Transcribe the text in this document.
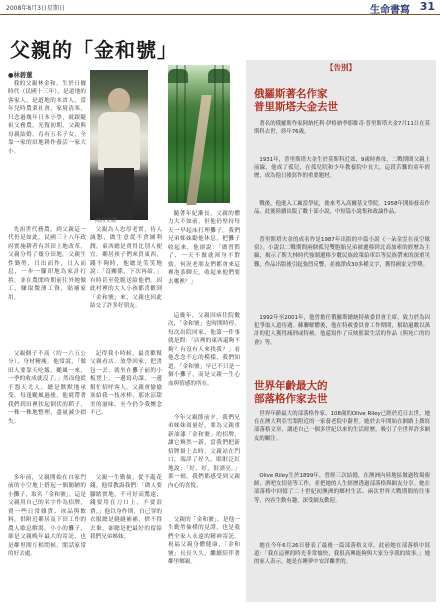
2008年8月3日星期日	生命書寫 31
父親的「金和號」
●林碧蓮
我的父親

我的父親林金和，生於日據時代（民國十三年），是道地的客家人，是道地的本省人，當年兒時農業社會，家境清寒，只念過幾年日本小學，就跟隨祖父務農。光復初期，父親與母親結婚，育有五名子女，全靠一家的田地耕作養活一家大小。

先祖世代務農，到父親這一代仍是如此，民國三十八年政府實施耕者有其田土地改革，父親分得了幾分田地。父親生性勤勞，日出而作，日入而息，一步一腳印地為家計打拚，並在農閒時期前往外地做工，賺取微薄工資，貼補家用。

父親個子不高（約一六五公分），身材精瘦。他常說，「做田人要靠天吃飯，颱風一來，一季的收成就沒了。」然而他從不怨天尤人，總是默默地承受。每逢颱風過後，他就帶著我們到田裡扶起倒伏的稻子，一株一株地整理，盡量減少損失。

多年前，父親開始在自家門前的小空地上搭起一個簡陋的小攤子，取名「金和號」。這是父親用自己的名字作為招牌，賣一些日常雜貨、冰品與飲料，供附近鄰居及下田工作的農人歇息解渴。小小的攤子，卻是父親晚年最大的寄託，也是鄰里間互相問候、閒話家常的好去處。

父親為人忠厚老實，待人誠懇，做生意從不貪圖利潤，東西總是賣得比別人便宜。鄰居孩子們來買東西，錢不夠時，他總是笑笑地說：「沒關係，下次再給。」有時甚至乾脆送給他們。因此村裡的大人小孩都喜歡到「金和號」來，父親也因此結交了許多好朋友。

記得我小時候，最喜歡幫父親看店。放學回家，把書包一丟，就坐在攤子前的小板凳上，一邊寫功課，一邊幫忙招呼客人。父親會偷偷塞給我一枝冰棒，那冰涼甜美的滋味，至今仍令我懷念不已。

父親一生勤儉，從不亂花錢。他常教誨我們：「做人要腳踏實地，不可好高騖遠；錢要用在刀口上，不要浪費。」他以身作則，自己穿的衣服總是縫縫補補，捨不得丟棄，卻總是把最好的留給我們兄弟姊妹。

隨著年紀漸長，父親的體力大不如前，但他仍堅持每天一早起床打理攤子。我們兄弟姊妹勸他休息，把攤子收起來，他卻說：「做習慣了，一天不做就渾身不對勁。何況老朋友們都會來這裡泡茶聊天，收起來他們要去哪裡？」

這幾年，父親因病住院數次，「金和號」也時開時停。每次出院回家，他第一件事就是問：「店裡的東西還夠不夠？有沒有人來找我？」看他念念不忘的模樣，我們知道，「金和號」早已不只是一個小攤子，而是父親一生心血與情感的所在。

今年父親節前夕，我們兄弟姊妹商量好，要為父親重新油漆「金和號」的招牌，讓它煥然一新。當我們把新招牌掛上去時，父親站在門口，端詳了好久，眼眶泛紅地說：「好，好，很漂亮。」那一刻，我們都感受到父親內心的喜悅。

父親的「金和號」，是他一生勤勞儉樸的見證，也是我們全家人永遠的精神寄託。祝福父親身體健康，「金和號」長長久久，繼續陪伴著鄰里鄉親。

【告別】
俄羅斯著名作家
普里斯塔夫金去世

著名的俄羅斯作家阿納托利·伊格納季耶維奇·普里斯塔夫金7月11日在莫斯科去世，終年76歲。

1931年，普里斯塔夫金生於莫斯科近郊，9歲時喪母，二戰期間父親上前線，他成了孤兒，在孤兒院和少年教養院中長大。這段苦難的童年經歷，成為他日後寫作的重要題材。

戰後，他進入工廠當學徒，後來考入高爾基文學院。1958年開始發表作品，此後陸續出版了數十部小說、中短篇小說集和政論作品。

普里斯塔夫金的成名作是1987年出版的中篇小說《一朵金雲在夜空歇宿》。小說以二戰期間兩個孤兒雙胞胎兄弟被遷移到北高加索的經歷為主線，揭示了斯大林時代強制遷移少數民族政策給車臣等民族帶來的深重災難，作品出版後引起強烈反響，並被譯成30多種文字，獲得國家文學獎。

1992年至2001年，他曾擔任俄羅斯總統特赦委員會主席，致力於為囚犯爭取人道待遇。蘇聯解體後，他在特赦委員會工作期間，幫助過數以萬計的犯人獲得減刑或特赦。他還寫作了反映監獄生活的作品《與死亡的約會》等。

世界年齡最大的
部落格作家去世

世界年齡最大的部落格作家、108歲的Olive Riley已經於近日去世，她在在澳大利亞雪梨附近的一家養老院中辭世。她於去年開始在網路上撰寫部落格文章，講述自己一個多世紀以來的生活經歷，吸引了全世界許多網友的關注。

Olive Riley生於1899年，曾經三次結婚，在澳洲內陸地區做過牧場廚師、酒吧女招待等工作，並把她的人生經歷透過部落格與網友分享。她在部落格中回憶了二十世紀初澳洲的鄉村生活、兩次世界大戰期間的往事等，內容生動有趣，深受網友歡迎。

她在今年6月26日發表了最後一篇部落格文章，此前她在部落格中寫道：「我在這裡的時光非常愉快，我很高興能夠與大家分享我的故事。」她的家人表示，她是在睡夢中安詳離世的。
